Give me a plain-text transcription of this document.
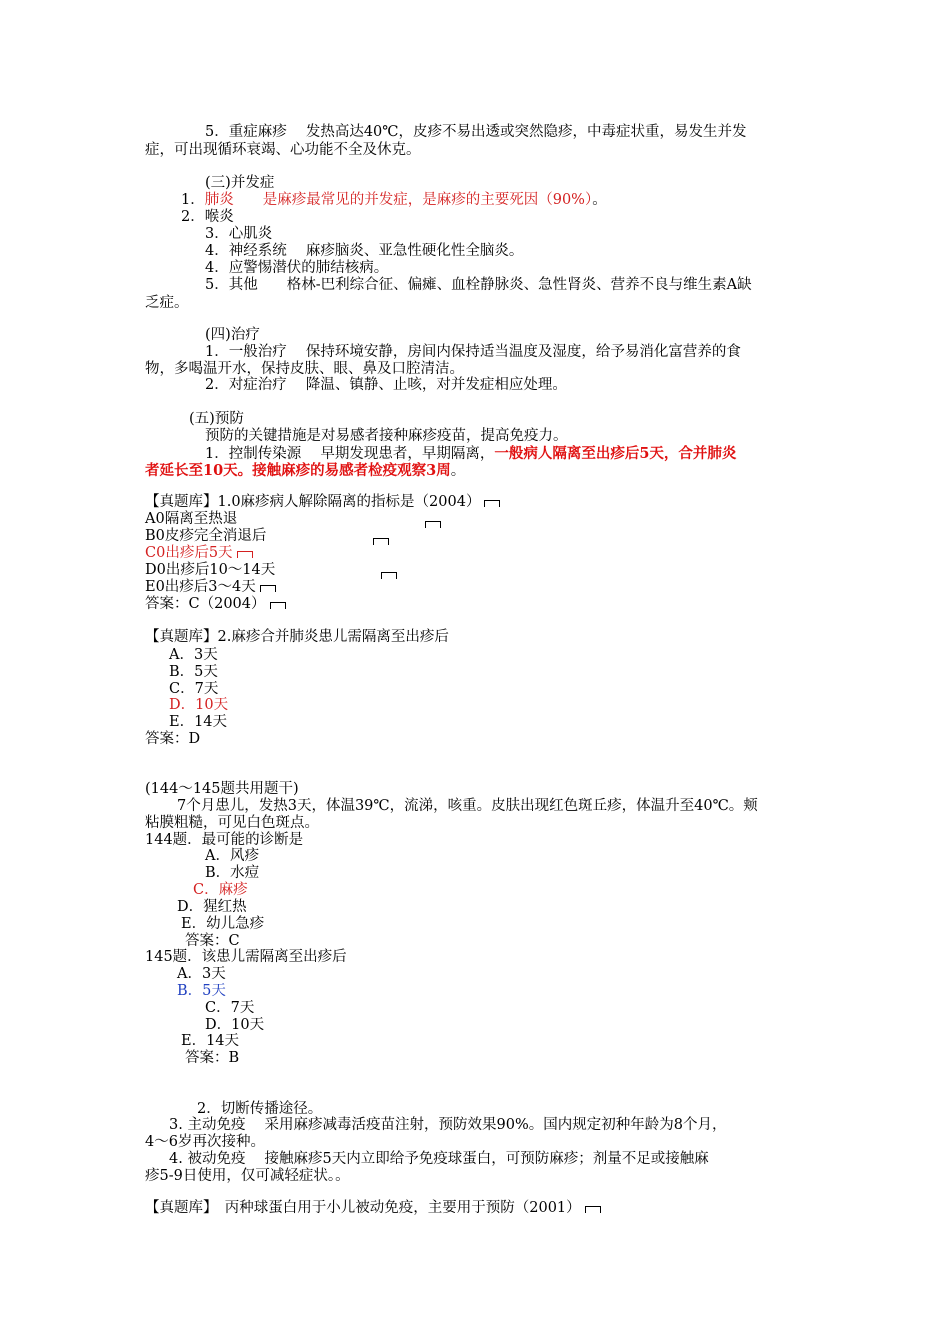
5．重症麻疹　 发热高达40℃，皮疹不易出透或突然隐疹，中毒症状重，易发生并发
症，可出现循环衰竭、心功能不全及休克。
(三)并发症
1．肺炎　　是麻疹最常见的并发症，是麻疹的主要死因（90%）。
2．喉炎
3．心肌炎
4．神经系统　 麻疹脑炎、亚急性硬化性全脑炎。
4．应警惕潜伏的肺结核病。
5．其他　　格林-巴利综合征、偏瘫、血栓静脉炎、急性肾炎、营养不良与维生素A缺
乏症。
(四)治疗
1．一般治疗　 保持环境安静，房间内保持适当温度及湿度，给予易消化富营养的食
物，多喝温开水，保持皮肤、眼、鼻及口腔清洁。
2．对症治疗　 降温、镇静、止咳，对并发症相应处理。
(五)预防
预防的关键措施是对易感者接种麻疹疫苗，提高免疫力。
1．控制传染源　 早期发现患者，早期隔离，一般病人隔离至出疹后5天，合并肺炎
者延长至10天。接触麻疹的易感者检疫观察3周。
【真题库】1.0麻疹病人解除隔离的指标是（2004）
A0隔离至热退
B0皮疹完全消退后
C0出疹后5天
D0出疹后10～14天
E0出疹后3～4天
答案：C（2004）
【真题库】2.麻疹合并肺炎患儿需隔离至出疹后
A．3天
B．5天
C．7天
D．10天
E．14天
答案：D
(144～145题共用题干)
7个月患儿，发热3天，体温39℃，流涕，咳重。皮肤出现红色斑丘疹，体温升至40℃。颊
粘膜粗糙，可见白色斑点。
144题．最可能的诊断是
A．风疹
B．水痘
C．麻疹
D．猩红热
E．幼儿急疹
答案：C
145题．该患儿需隔离至出疹后
A．3天
B．5天
C．7天
D．10天
E．14天
答案：B
2．切断传播途径。
3. 主动免疫　 采用麻疹减毒活疫苗注射，预防效果90%。国内规定初种年龄为8个月，
4～6岁再次接种。
4. 被动免疫　 接触麻疹5天内立即给予免疫球蛋白，可预防麻疹；剂量不足或接触麻
疹5-9日使用，仅可减轻症状。。
【真题库】　丙种球蛋白用于小儿被动免疫，主要用于预防（2001）
